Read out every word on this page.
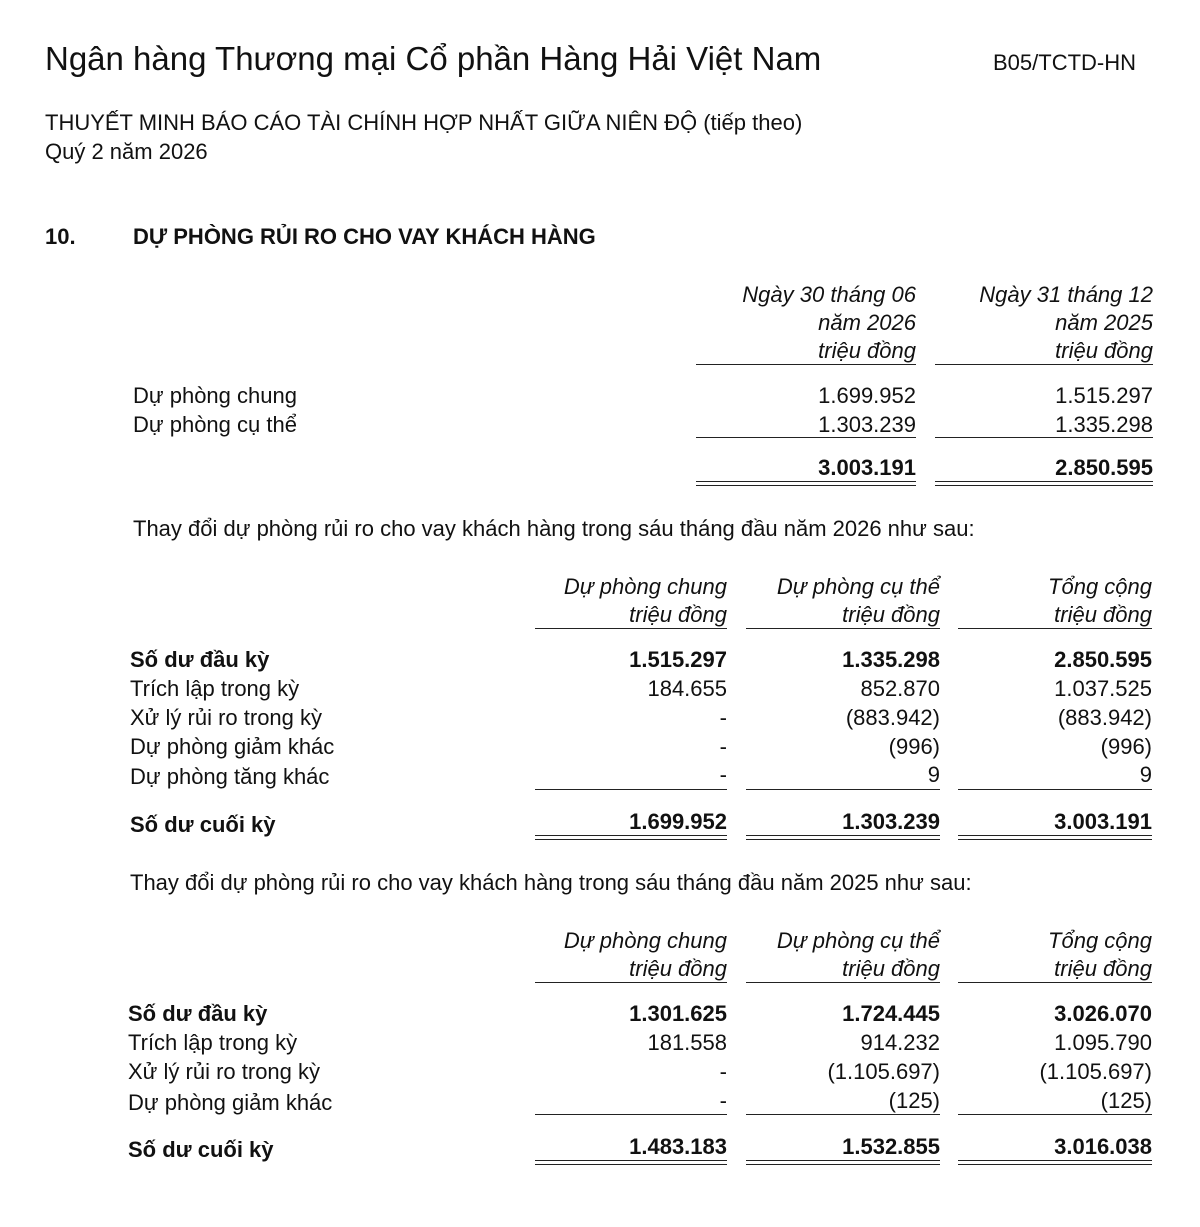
Ngân hàng Thương mại Cổ phần Hàng Hải Việt Nam	B05/TCTD-HN
THUYẾT MINH BÁO CÁO TÀI CHÍNH HỢP NHẤT GIỮA NIÊN ĐỘ (tiếp theo)
Quý 2 năm 2026
10.	DỰ PHÒNG RỦI RO CHO VAY KHÁCH HÀNG
Ngày 30 tháng 06
năm 2026
triệu đồng
Ngày 31 tháng 12
năm 2025
triệu đồng
Dự phòng chung	1.699.952	1.515.297
Dự phòng cụ thể	1.303.239	1.335.298
3.003.191	2.850.595
Thay đổi dự phòng rủi ro cho vay khách hàng trong sáu tháng đầu năm 2026 như sau:
Dự phòng chung
triệu đồng
Dự phòng cụ thể
triệu đồng
Tổng cộng
triệu đồng
Số dư đầu kỳ	1.515.297	1.335.298	2.850.595
Trích lập trong kỳ	184.655	852.870	1.037.525
Xử lý rủi ro trong kỳ	-	(883.942)	(883.942)
Dự phòng giảm khác	-	(996)	(996)
Dự phòng tăng khác	-	9	9
Số dư cuối kỳ	1.699.952	1.303.239	3.003.191
Thay đổi dự phòng rủi ro cho vay khách hàng trong sáu tháng đầu năm 2025 như sau:
Dự phòng chung
triệu đồng
Dự phòng cụ thể
triệu đồng
Tổng cộng
triệu đồng
Số dư đầu kỳ	1.301.625	1.724.445	3.026.070
Trích lập trong kỳ	181.558	914.232	1.095.790
Xử lý rủi ro trong kỳ	-	(1.105.697)	(1.105.697)
Dự phòng giảm khác	-	(125)	(125)
Số dư cuối kỳ	1.483.183	1.532.855	3.016.038
